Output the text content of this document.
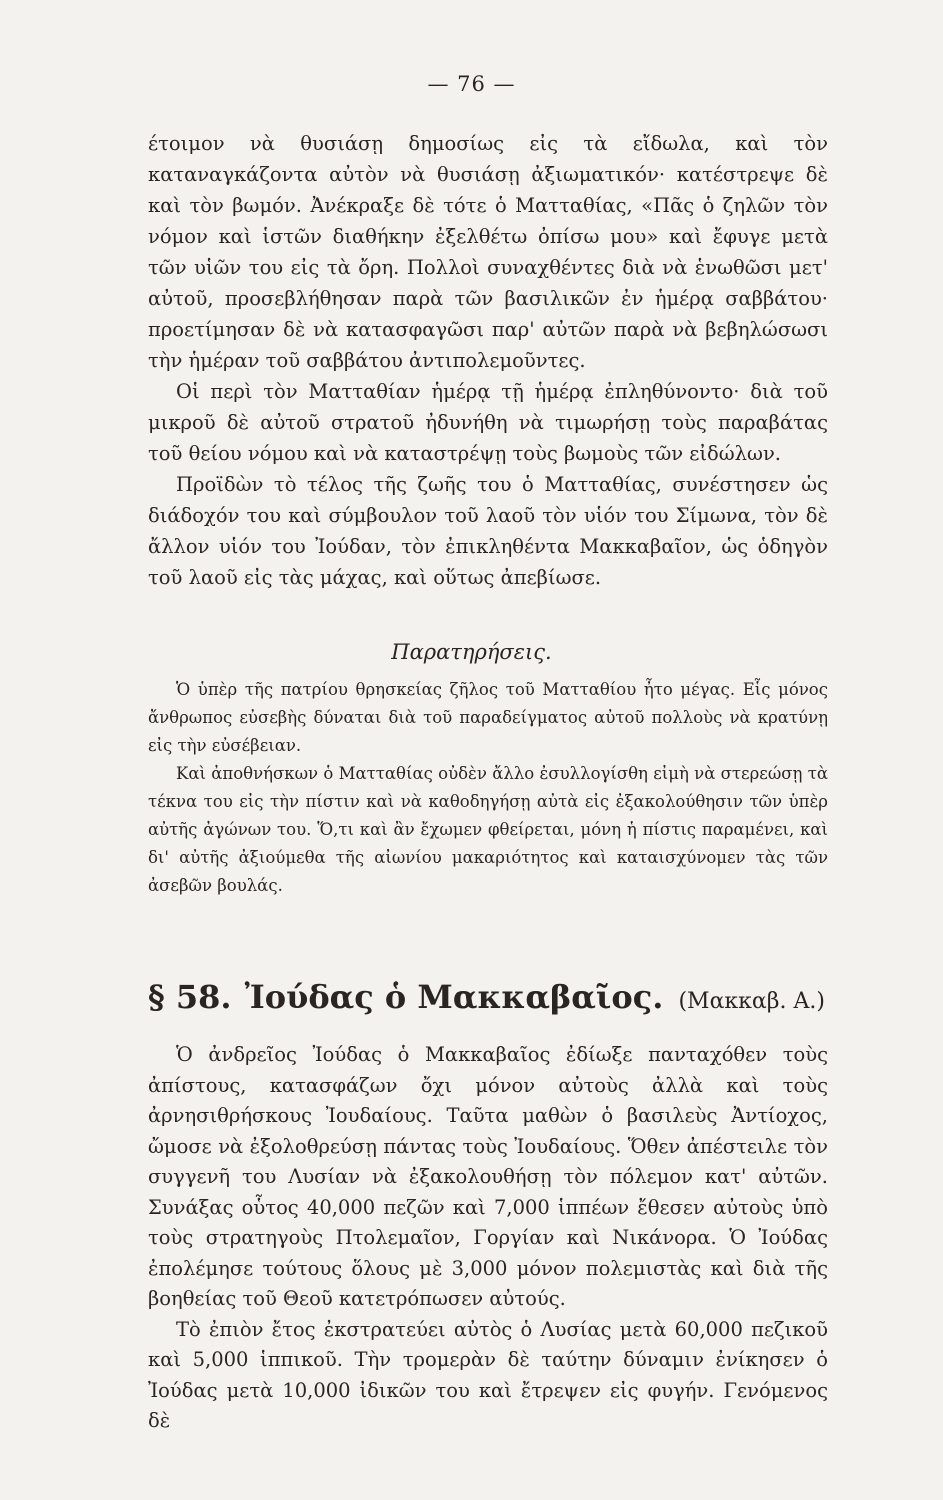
— 76 —

έτοιμον νὰ θυσιάσῃ δημοσίως εἰς τὰ εἴδωλα, καὶ τὸν καταναγκάζοντα αὐτὸν νὰ θυσιάσῃ ἀξιωματικόν· κατέστρεψε δὲ καὶ τὸν βωμόν. Ἀνέκραξε δὲ τότε ὁ Ματταθίας, «Πᾶς ὁ ζηλῶν τὸν νόμον καὶ ἱστῶν διαθήκην ἐξελθέτω ὀπίσω μου» καὶ ἔφυγε μετὰ τῶν υἱῶν του εἰς τὰ ὄρη. Πολλοὶ συναχθέντες διὰ νὰ ἑνωθῶσι μετ' αὐτοῦ, προσεβλήθησαν παρὰ τῶν βασιλικῶν ἐν ἡμέρᾳ σαββάτου· προετίμησαν δὲ νὰ κατασφαγῶσι παρ' αὐτῶν παρὰ νὰ βεβηλώσωσι τὴν ἡμέραν τοῦ σαββάτου ἀντιπολεμοῦντες.

Οἱ περὶ τὸν Ματταθίαν ἡμέρᾳ τῇ ἡμέρᾳ ἐπληθύνοντο· διὰ τοῦ μικροῦ δὲ αὐτοῦ στρατοῦ ἠδυνήθη νὰ τιμωρήσῃ τοὺς παραβάτας τοῦ θείου νόμου καὶ νὰ καταστρέψῃ τοὺς βωμοὺς τῶν εἰδώλων.

Προϊδὼν τὸ τέλος τῆς ζωῆς του ὁ Ματταθίας, συνέστησεν ὡς διάδοχόν του καὶ σύμβουλον τοῦ λαοῦ τὸν υἱόν του Σίμωνα, τὸν δὲ ἄλλον υἱόν του Ἰούδαν, τὸν ἐπικληθέντα Μακκαβαῖον, ὡς ὁδηγὸν τοῦ λαοῦ εἰς τὰς μάχας, καὶ οὕτως ἀπεβίωσε.

Παρατηρήσεις.

Ὁ ὑπὲρ τῆς πατρίου θρησκείας ζῆλος τοῦ Ματταθίου ἦτο μέγας. Εἷς μόνος ἄνθρωπος εὐσεβὴς δύναται διὰ τοῦ παραδείγματος αὐτοῦ πολλοὺς νὰ κρατύνῃ εἰς τὴν εὐσέβειαν.

Καὶ ἀποθνήσκων ὁ Ματταθίας οὐδὲν ἄλλο ἐσυλλογίσθη εἰμὴ νὰ στερεώσῃ τὰ τέκνα του εἰς τὴν πίστιν καὶ νὰ καθοδηγήσῃ αὐτὰ εἰς ἐξακολούθησιν τῶν ὑπὲρ αὐτῆς ἀγώνων του. Ὅ,τι καὶ ἂν ἔχωμεν φθείρεται, μόνη ἡ πίστις παραμένει, καὶ δι' αὐτῆς ἀξιούμεθα τῆς αἰωνίου μακαριότητος καὶ καταισχύνομεν τὰς τῶν ἀσεβῶν βουλάς.

§ 58. Ἰούδας ὁ Μακκαβαῖος. (Μακκαβ. Α.)

Ὁ ἀνδρεῖος Ἰούδας ὁ Μακκαβαῖος ἐδίωξε πανταχόθεν τοὺς ἀπίστους, κατασφάζων ὄχι μόνον αὐτοὺς ἀλλὰ καὶ τοὺς ἀρνησιθρήσκους Ἰουδαίους. Ταῦτα μαθὼν ὁ βασιλεὺς Ἀντίοχος, ὤμοσε νὰ ἐξολοθρεύσῃ πάντας τοὺς Ἰουδαίους. Ὅθεν ἀπέστειλε τὸν συγγενῆ του Λυσίαν νὰ ἐξακολουθήσῃ τὸν πόλεμον κατ' αὐτῶν. Συνάξας οὗτος 40,000 πεζῶν καὶ 7,000 ἱππέων ἔθεσεν αὐτοὺς ὑπὸ τοὺς στρατηγοὺς Πτολεμαῖον, Γοργίαν καὶ Νικάνορα. Ὁ Ἰούδας ἐπολέμησε τούτους ὅλους μὲ 3,000 μόνον πολεμιστὰς καὶ διὰ τῆς βοηθείας τοῦ Θεοῦ κατετρόπωσεν αὐτούς.

Τὸ ἐπιὸν ἔτος ἐκστρατεύει αὐτὸς ὁ Λυσίας μετὰ 60,000 πεζικοῦ καὶ 5,000 ἱππικοῦ. Τὴν τρομερὰν δὲ ταύτην δύναμιν ἐνίκησεν ὁ Ἰούδας μετὰ 10,000 ἰδικῶν του καὶ ἔτρεψεν εἰς φυγήν. Γενόμενος δὲ
